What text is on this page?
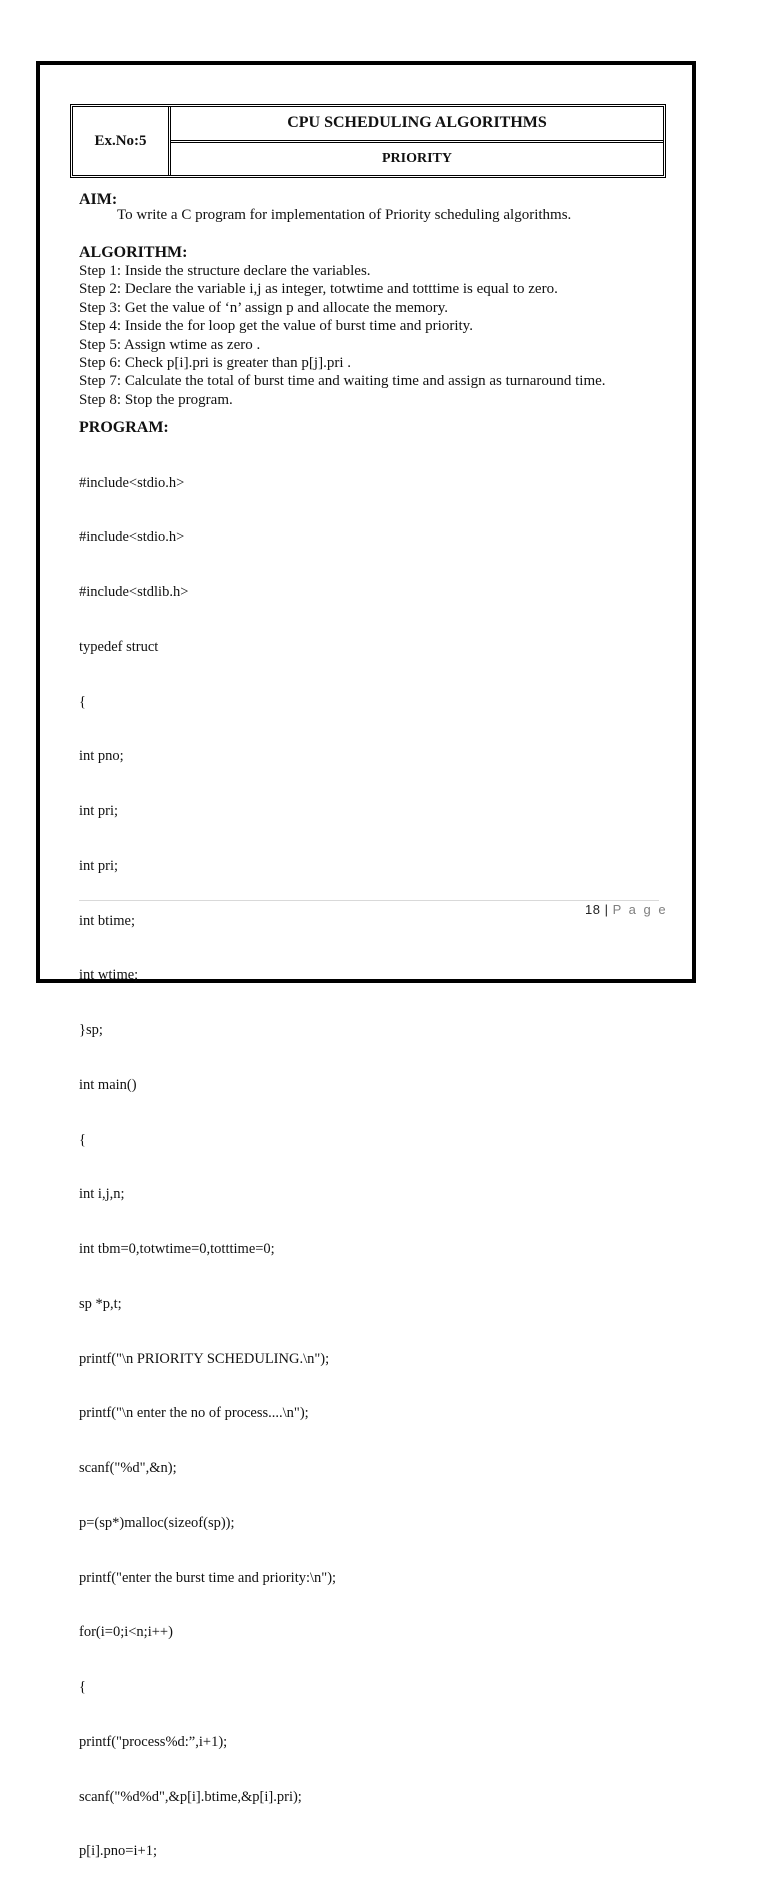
Ex.No:5
CPU SCHEDULING ALGORITHMS
PRIORITY
AIM:
To write a C program for implementation of Priority scheduling algorithms.
ALGORITHM:
Step 1: Inside the structure declare the variables.
Step 2: Declare the variable i,j as integer, totwtime and totttime is equal to zero.
Step 3: Get the value of ‘n’ assign p and allocate the memory.
Step 4: Inside the for loop get the value of burst time and priority.
Step 5: Assign wtime as zero .
Step 6: Check p[i].pri is greater than p[j].pri .
Step 7: Calculate the total of burst time and waiting time and assign as turnaround time.
Step 8: Stop the program.
PROGRAM:

#include<stdio.h>

#include<stdio.h>

#include<stdlib.h>

typedef struct

{

int pno;

int pri;

int pri;

int btime;

int wtime;

}sp;

int main()

{

int i,j,n;

int tbm=0,totwtime=0,totttime=0;

sp *p,t;

printf("\n PRIORITY SCHEDULING.\n");

printf("\n enter the no of process....\n");

scanf("%d",&n);

p=(sp*)malloc(sizeof(sp));

printf("enter the burst time and priority:\n");

for(i=0;i<n;i++)

{

printf("process%d:”,i+1);

scanf("%d%d",&p[i].btime,&p[i].pri);

p[i].pno=i+1;

18 | P a g e
